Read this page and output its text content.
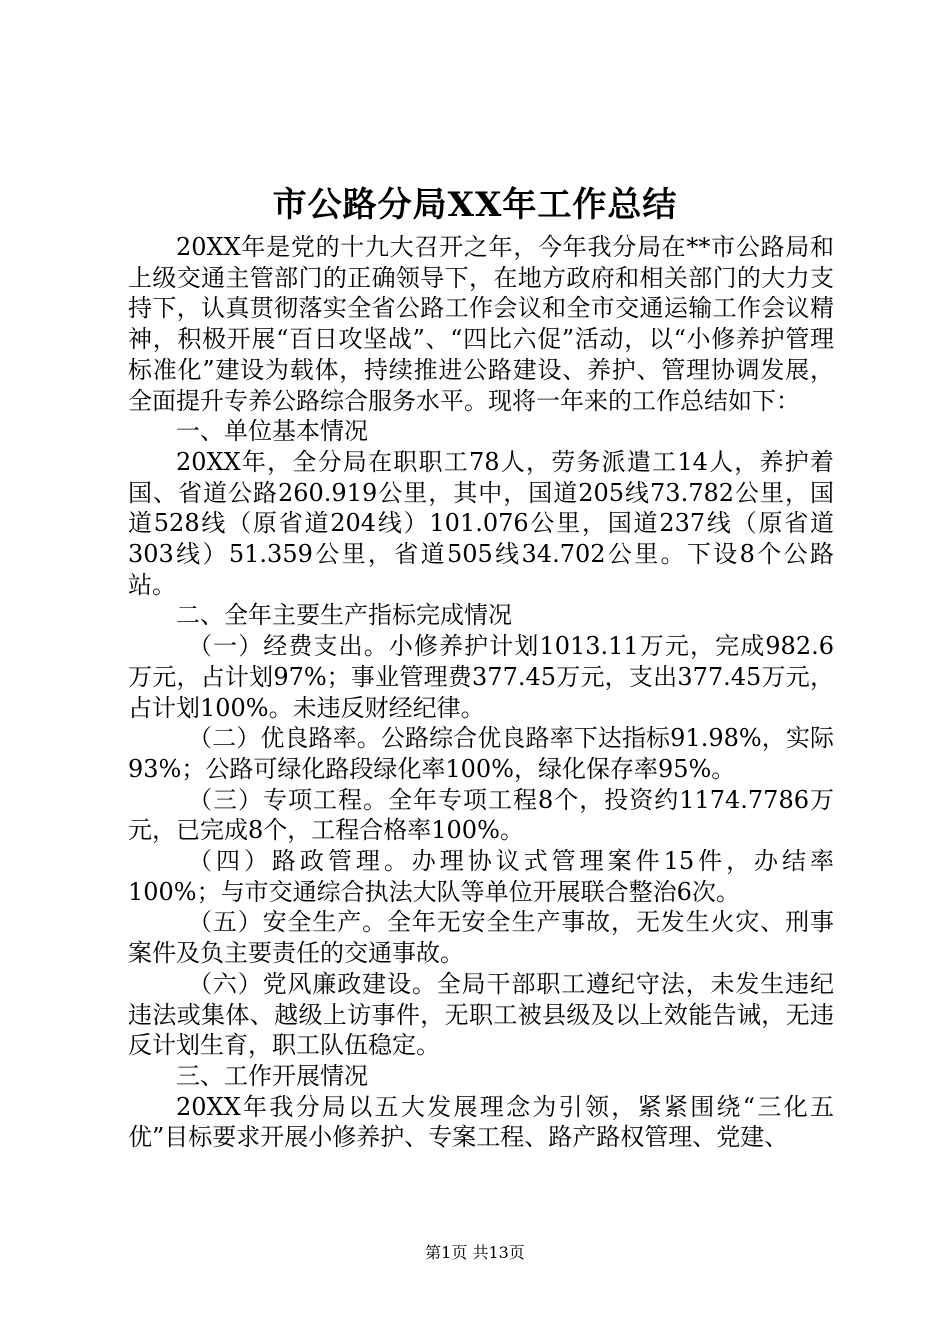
市公路分局XX年工作总结

20XX年是党的十九大召开之年，今年我分局在**市公路局和上级交通主管部门的正确领导下，在地方政府和相关部门的大力支持下，认真贯彻落实全省公路工作会议和全市交通运输工作会议精神，积极开展“百日攻坚战”、“四比六促”活动，以“小修养护管理标准化”建设为载体，持续推进公路建设、养护、管理协调发展，全面提升专养公路综合服务水平。现将一年来的工作总结如下：

一、单位基本情况

20XX年，全分局在职职工78人，劳务派遣工14人，养护着国、省道公路260.919公里，其中，国道205线73.782公里，国道528线（原省道204线）101.076公里，国道237线（原省道303线）51.359公里，省道505线34.702公里。下设8个公路站。

二、全年主要生产指标完成情况

（一）经费支出。小修养护计划1013.11万元，完成982.6万元，占计划97%；事业管理费377.45万元，支出377.45万元，占计划100%。未违反财经纪律。

（二）优良路率。公路综合优良路率下达指标91.98%，实际93%；公路可绿化路段绿化率100%，绿化保存率95%。

（三）专项工程。全年专项工程8个，投资约1174.7786万元，已完成8个，工程合格率100%。

（四）路政管理。办理协议式管理案件15件，办结率100%；与市交通综合执法大队等单位开展联合整治6次。

（五）安全生产。全年无安全生产事故，无发生火灾、刑事案件及负主要责任的交通事故。

（六）党风廉政建设。全局干部职工遵纪守法，未发生违纪违法或集体、越级上访事件，无职工被县级及以上效能告诫，无违反计划生育，职工队伍稳定。

三、工作开展情况

20XX年我分局以五大发展理念为引领，紧紧围绕“三化五优”目标要求开展小修养护、专案工程、路产路权管理、党建、

第1页 共13页
